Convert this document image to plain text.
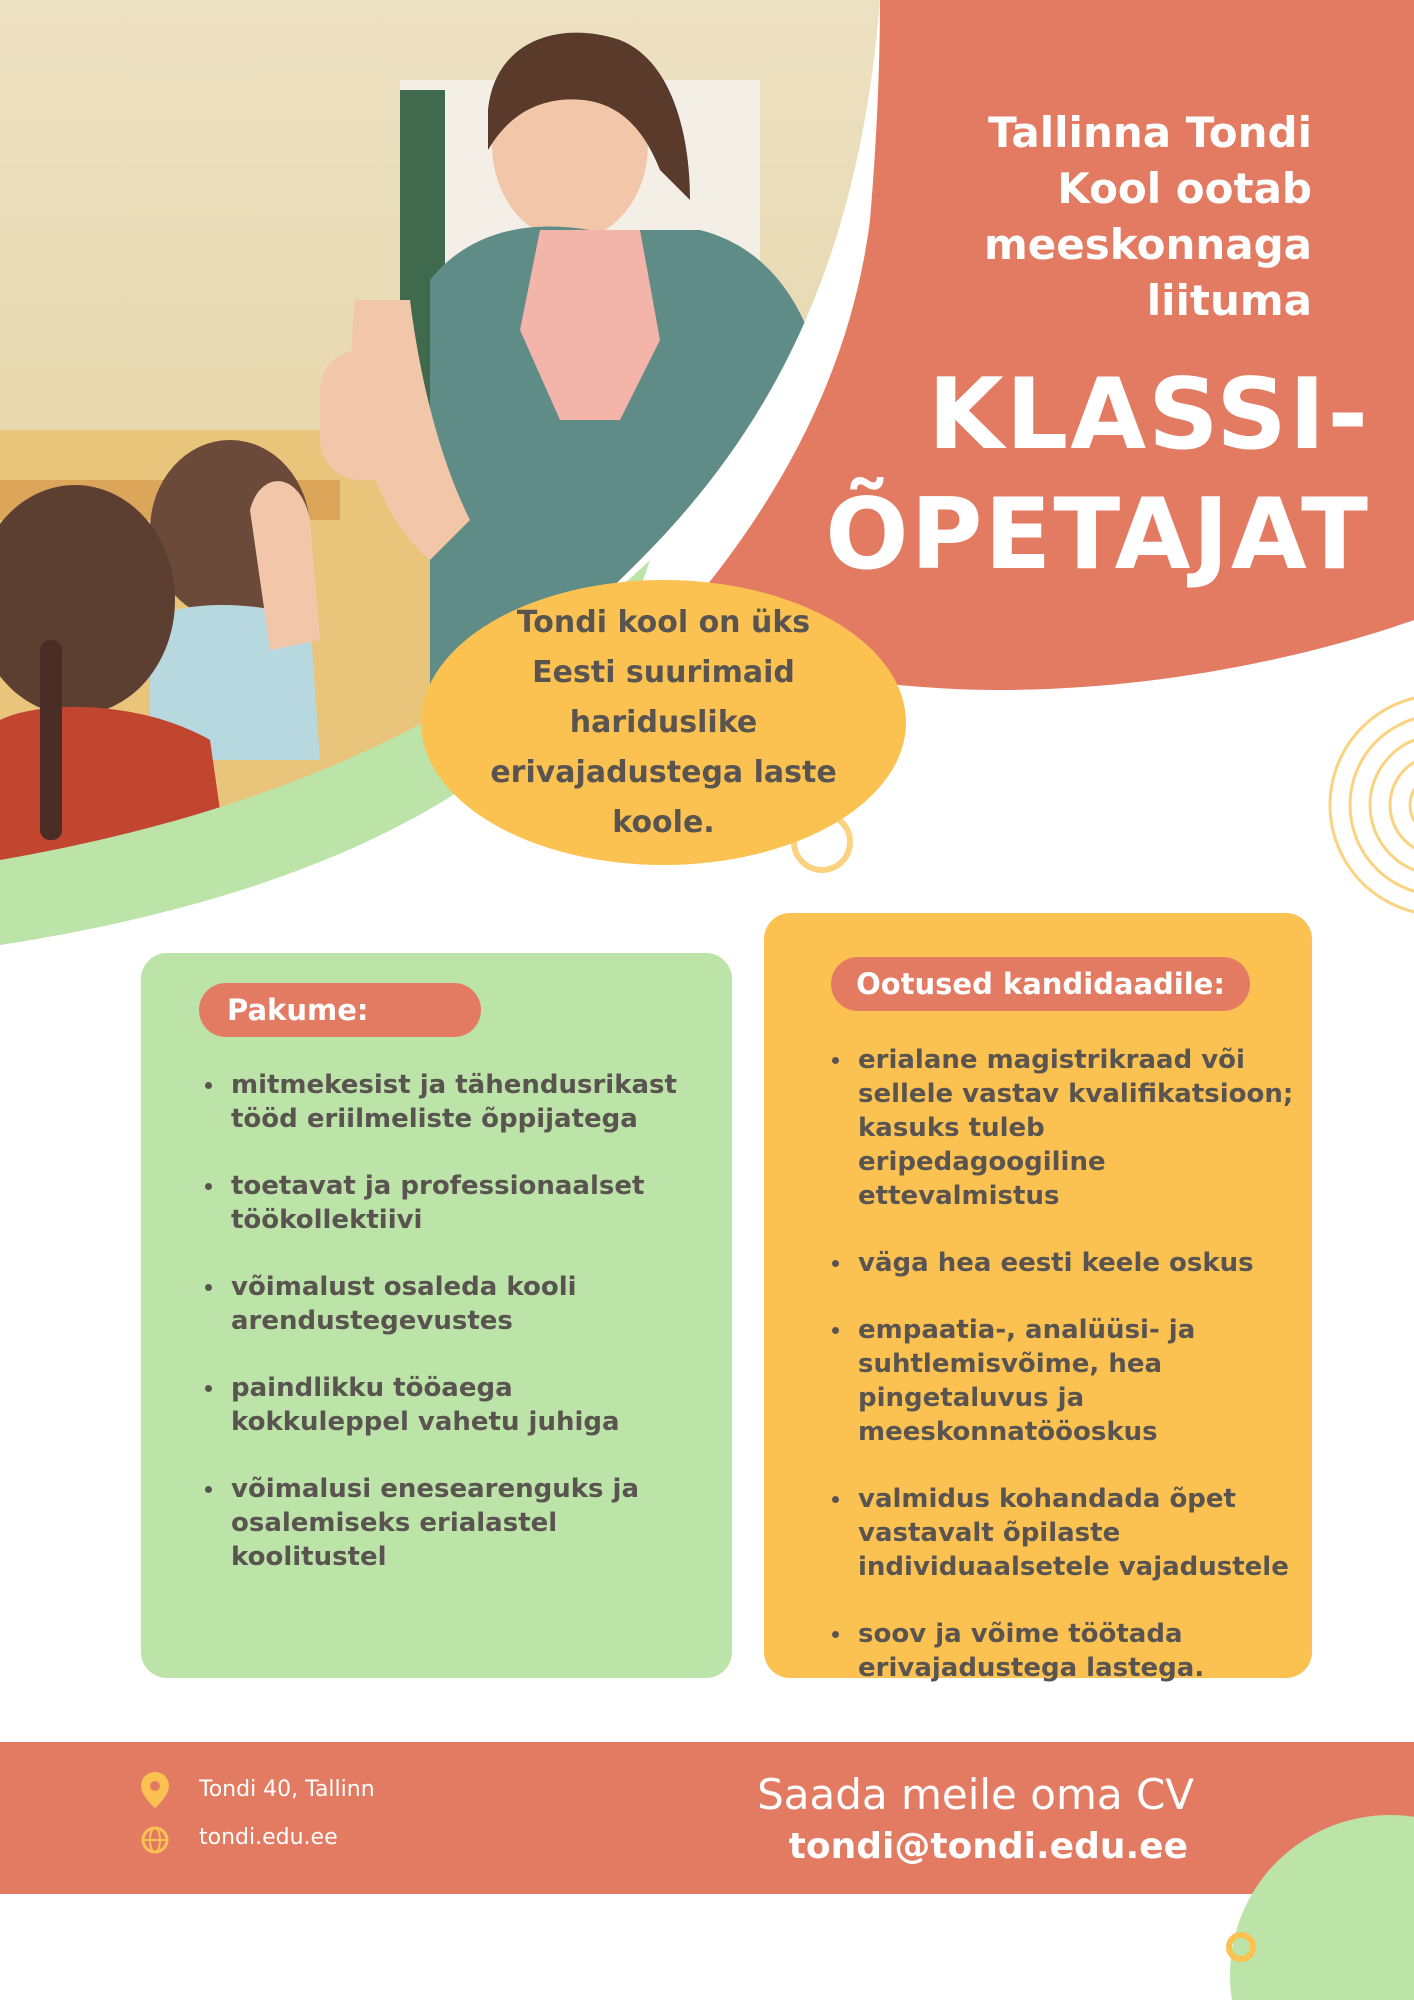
Tallinna Tondi
Kool ootab
meeskonnaga
liituma
KLASSI-
ÕPETAJAT
Tondi kool on üks Eesti suurimaid hariduslike erivajadustega laste koole.
Pakume:
mitmekesist ja tähendusrikast tööd eriilmeliste õppijatega
toetavat ja professionaalset töökollektiivi
võimalust osaleda kooli arendustegevustes
paindlikku tööaega kokkuleppel vahetu juhiga
võimalusi enesearenguks ja osalemiseks erialastel koolitustel
Ootused kandidaadile:
erialane magistrikraad või sellele vastav kvalifikatsioon; kasuks tuleb eripedagoogiline ettevalmistus
väga hea eesti keele oskus
empaatia-, analüüsi- ja suhtlemisvõime, hea pingetaluvus ja meeskonnatööoskus
valmidus kohandada õpet vastavalt õpilaste individuaalsetele vajadustele
soov ja võime töötada erivajadustega lastega.
Tondi 40, Tallinn
tondi.edu.ee
Saada meile oma CV
tondi@tondi.edu.ee
